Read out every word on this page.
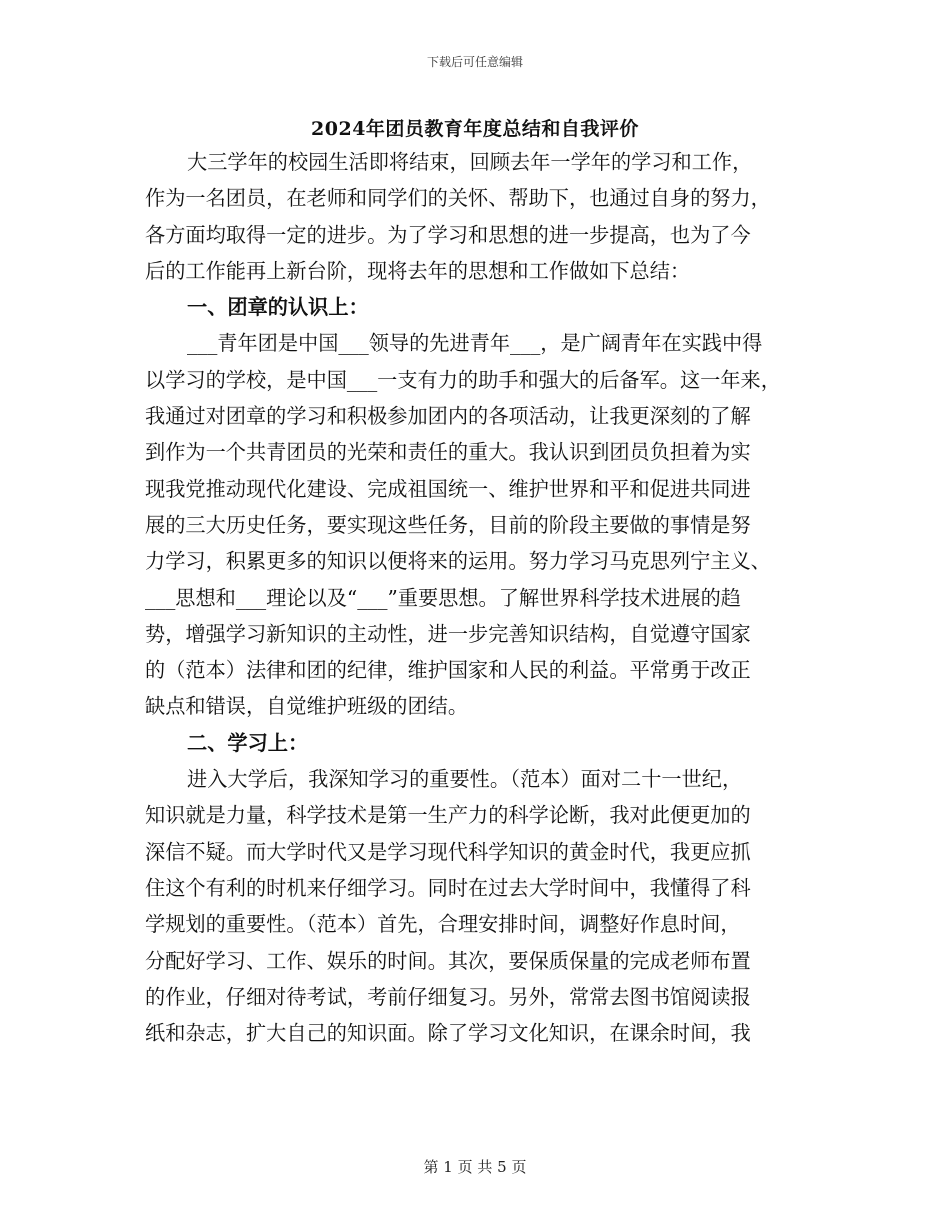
下载后可任意编辑
2024年团员教育年度总结和自我评价
大三学年的校园生活即将结束，回顾去年一学年的学习和工作，
作为一名团员，在老师和同学们的关怀、帮助下，也通过自身的努力，
各方面均取得一定的进步。为了学习和思想的进一步提高，也为了今
后的工作能再上新台阶，现将去年的思想和工作做如下总结：
一、团章的认识上：
___青年团是中国___领导的先进青年___，是广阔青年在实践中得
以学习的学校，是中国___一支有力的助手和强大的后备军。这一年来，
我通过对团章的学习和积极参加团内的各项活动，让我更深刻的了解
到作为一个共青团员的光荣和责任的重大。我认识到团员负担着为实
现我党推动现代化建设、完成祖国统一、维护世界和平和促进共同进
展的三大历史任务，要实现这些任务，目前的阶段主要做的事情是努
力学习，积累更多的知识以便将来的运用。努力学习马克思列宁主义、
___思想和___理论以及“___”重要思想。了解世界科学技术进展的趋
势，增强学习新知识的主动性，进一步完善知识结构，自觉遵守国家
的（范本）法律和团的纪律，维护国家和人民的利益。平常勇于改正
缺点和错误，自觉维护班级的团结。
二、学习上：
进入大学后，我深知学习的重要性。（范本）面对二十一世纪，
知识就是力量，科学技术是第一生产力的科学论断，我对此便更加的
深信不疑。而大学时代又是学习现代科学知识的黄金时代，我更应抓
住这个有利的时机来仔细学习。同时在过去大学时间中，我懂得了科
学规划的重要性。（范本）首先，合理安排时间，调整好作息时间，
分配好学习、工作、娱乐的时间。其次，要保质保量的完成老师布置
的作业，仔细对待考试，考前仔细复习。另外，常常去图书馆阅读报
纸和杂志，扩大自己的知识面。除了学习文化知识，在课余时间，我
第 1 页 共 5 页
